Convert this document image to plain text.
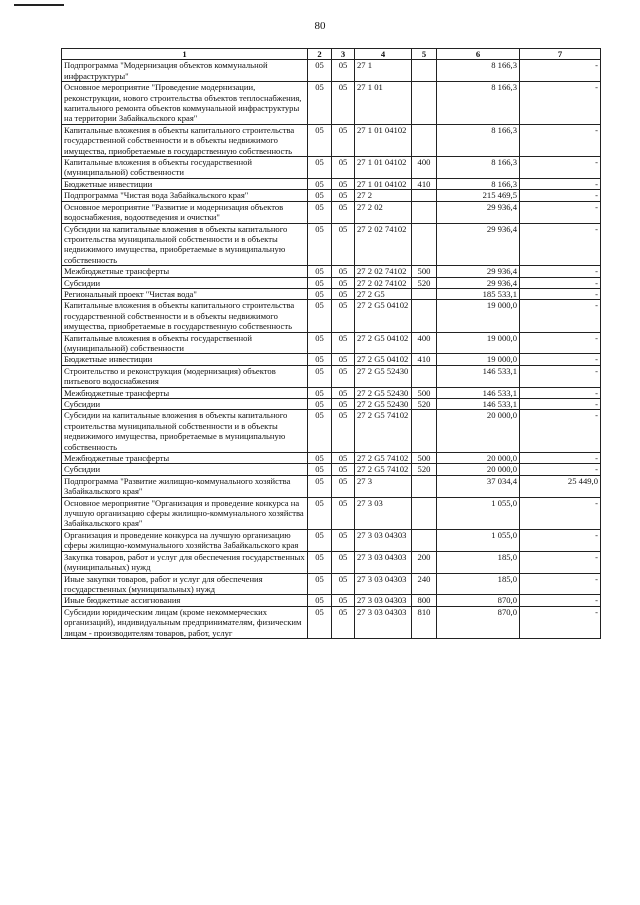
80
1	2	3	4	5	6	7
Подпрограмма "Модернизация объектов коммунальной инфраструктуры"	05	05	27 1		8 166,3	-
Основное мероприятие "Проведение модернизации, реконструкции, нового строительства объектов теплоснабжения, капитального ремонта объектов коммунальной инфраструктуры на территории Забайкальского края"	05	05	27 1 01		8 166,3	-
Капитальные вложения в объекты капитального строительства государственной собственности и в объекты недвижимого имущества, приобретаемые в государственную собственность	05	05	27 1 01 04102		8 166,3	-
Капитальные вложения в объекты государственной (муниципальной) собственности	05	05	27 1 01 04102	400	8 166,3	-
Бюджетные инвестиции	05	05	27 1 01 04102	410	8 166,3	-
Подпрограмма "Чистая вода Забайкальского края"	05	05	27 2		215 469,5	-
Основное мероприятие "Развитие и модернизация объектов водоснабжения, водоотведения и очистки"	05	05	27 2 02		29 936,4	-
Субсидии на капитальные вложения в объекты капитального строительства муниципальной собственности и в объекты недвижимого имущества, приобретаемые в муниципальную собственность	05	05	27 2 02 74102		29 936,4	-
Межбюджетные трансферты	05	05	27 2 02 74102	500	29 936,4	-
Субсидии	05	05	27 2 02 74102	520	29 936,4	-
Региональный проект "Чистая вода"	05	05	27 2 G5		185 533,1	-
Капитальные вложения в объекты капитального строительства государственной собственности и в объекты недвижимого имущества, приобретаемые в государственную собственность	05	05	27 2 G5 04102		19 000,0	-
Капитальные вложения в объекты государственной (муниципальной) собственности	05	05	27 2 G5 04102	400	19 000,0	-
Бюджетные инвестиции	05	05	27 2 G5 04102	410	19 000,0	-
Строительство и реконструкция (модернизация) объектов питьевого водоснабжения	05	05	27 2 G5 52430		146 533,1	-
Межбюджетные трансферты	05	05	27 2 G5 52430	500	146 533,1	-
Субсидии	05	05	27 2 G5 52430	520	146 533,1	-
Субсидии на капитальные вложения в объекты капитального строительства муниципальной собственности и в объекты недвижимого имущества, приобретаемые в муниципальную собственность	05	05	27 2 G5 74102		20 000,0	-
Межбюджетные трансферты	05	05	27 2 G5 74102	500	20 000,0	-
Субсидии	05	05	27 2 G5 74102	520	20 000,0	-
Подпрограмма "Развитие жилищно-коммунального хозяйства Забайкальского края"	05	05	27 3		37 034,4	25 449,0
Основное мероприятие "Организация и проведение конкурса на лучшую организацию сферы жилищно-коммунального хозяйства Забайкальского края"	05	05	27 3 03		1 055,0	-
Организация и проведение конкурса на лучшую организацию сферы жилищно-коммунального хозяйства Забайкальского края	05	05	27 3 03 04303		1 055,0	-
Закупка товаров, работ и услуг для обеспечения государственных (муниципальных) нужд	05	05	27 3 03 04303	200	185,0	-
Иные закупки товаров, работ и услуг для обеспечения государственных (муниципальных) нужд	05	05	27 3 03 04303	240	185,0	-
Иные бюджетные ассигнования	05	05	27 3 03 04303	800	870,0	-
Субсидии юридическим лицам (кроме некоммерческих организаций), индивидуальным предпринимателям, физическим лицам - производителям товаров, работ, услуг	05	05	27 3 03 04303	810	870,0	-
